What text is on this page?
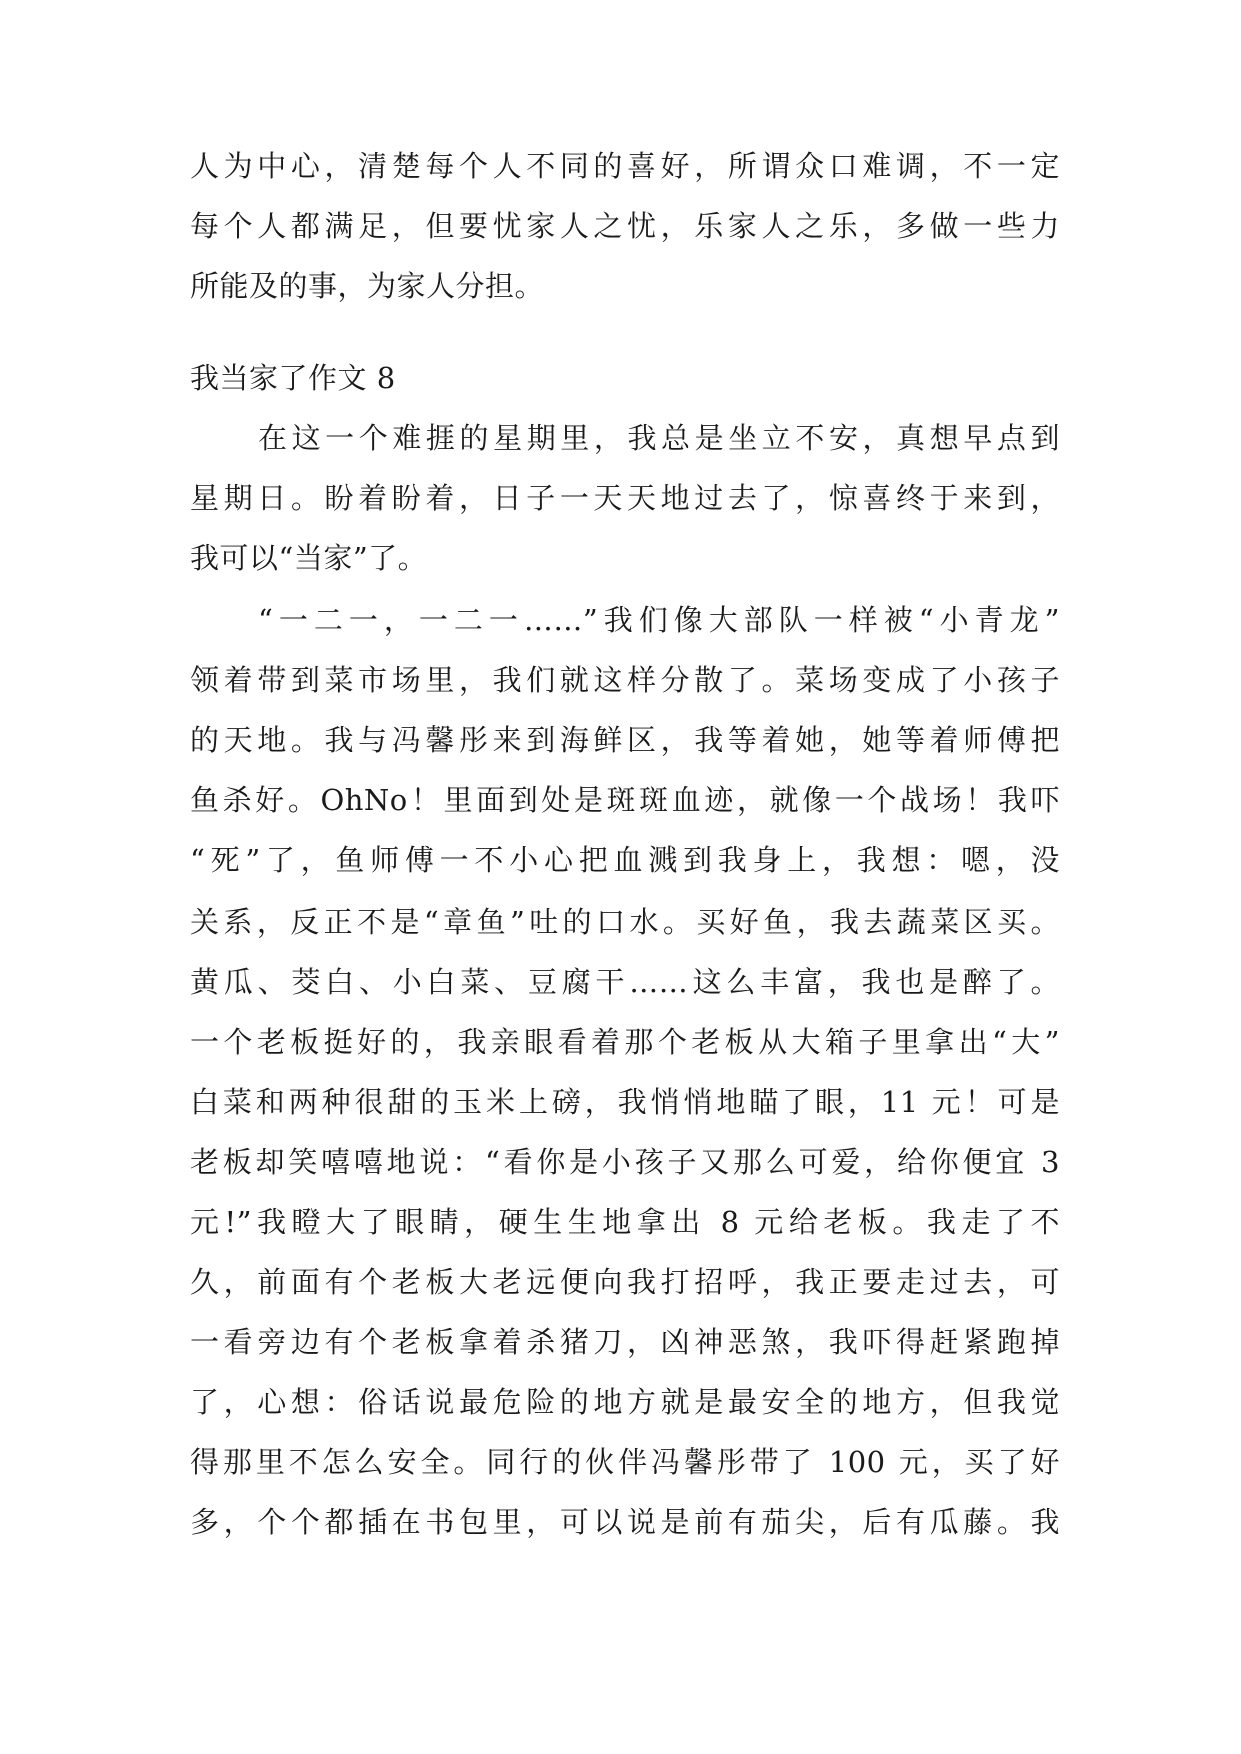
人为中心，清楚每个人不同的喜好，所谓众口难调，不一定
每个人都满足，但要忧家人之忧，乐家人之乐，多做一些力
所能及的事，为家人分担。
我当家了作文 8
在这一个难捱的星期里，我总是坐立不安，真想早点到
星期日。盼着盼着，日子一天天地过去了，惊喜终于来到，
我可以“当家”了。
“一二一，一二一……”我们像大部队一样被“小青龙”
领着带到菜市场里，我们就这样分散了。菜场变成了小孩子
的天地。我与冯馨彤来到海鲜区，我等着她，她等着师傅把
鱼杀好。OhNo！里面到处是斑斑血迹，就像一个战场！我吓
“死”了，鱼师傅一不小心把血溅到我身上，我想：嗯，没
关系，反正不是“章鱼”吐的口水。买好鱼，我去蔬菜区买。
黄瓜、茭白、小白菜、豆腐干……这么丰富，我也是醉了。
一个老板挺好的，我亲眼看着那个老板从大箱子里拿出“大”
白菜和两种很甜的玉米上磅，我悄悄地瞄了眼，11 元！可是
老板却笑嘻嘻地说：“看你是小孩子又那么可爱，给你便宜 3
元!”我瞪大了眼睛，硬生生地拿出 8 元给老板。我走了不
久，前面有个老板大老远便向我打招呼，我正要走过去，可
一看旁边有个老板拿着杀猪刀，凶神恶煞，我吓得赶紧跑掉
了，心想：俗话说最危险的地方就是最安全的地方，但我觉
得那里不怎么安全。同行的伙伴冯馨彤带了 100 元，买了好
多，个个都插在书包里，可以说是前有茄尖，后有瓜藤。我
